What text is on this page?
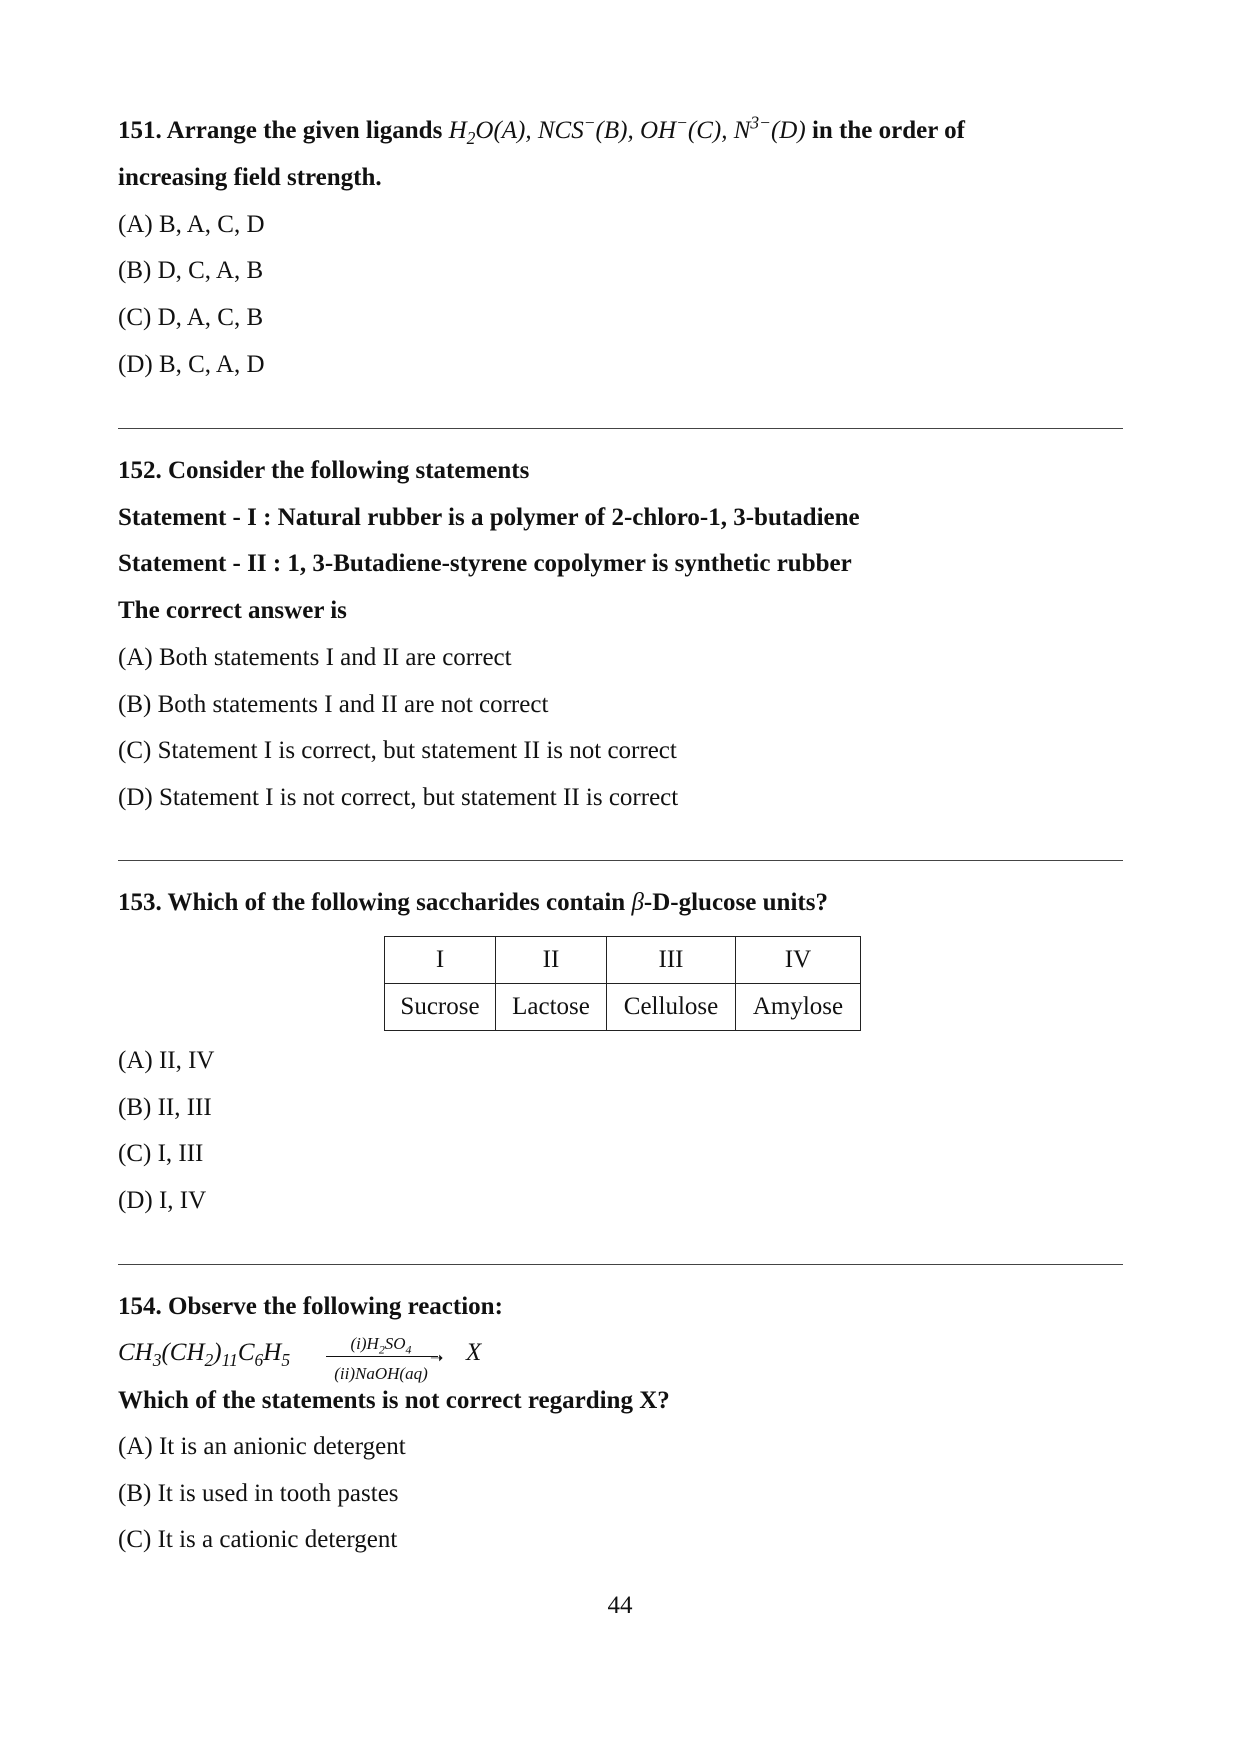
151. Arrange the given ligands $H_2O(A)$, NCS−(B), OH−(C), $N^{3-}(D)$ in the order of
increasing field strength.
(A) B, A, C, D
(B) D, C, A, B
(C) D, A, C, B
(D) B, C, A, D
152. Consider the following statements
Statement - I : Natural rubber is a polymer of 2-chloro-1, 3-butadiene
Statement - II : 1, 3-Butadiene-styrene copolymer is synthetic rubber
The correct answer is
(A) Both statements I and II are correct
(B) Both statements I and II are not correct
(C) Statement I is correct, but statement II is not correct
(D) Statement I is not correct, but statement II is correct
153. Which of the following saccharides contain β-D-glucose units?
I	II	III	IV
Sucrose	Lactose	Cellulose	Amylose
(A) II, IV
(B) II, III
(C) I, III
(D) I, IV
154. Observe the following reaction:
$CH_3(CH_2)_{11}C_6H_5$
$(i)H_2SO_4$
➝
(ii)NaOH(aq)
X
Which of the statements is not correct regarding X?
(A) It is an anionic detergent
(B) It is used in tooth pastes
(C) It is a cationic detergent
44
